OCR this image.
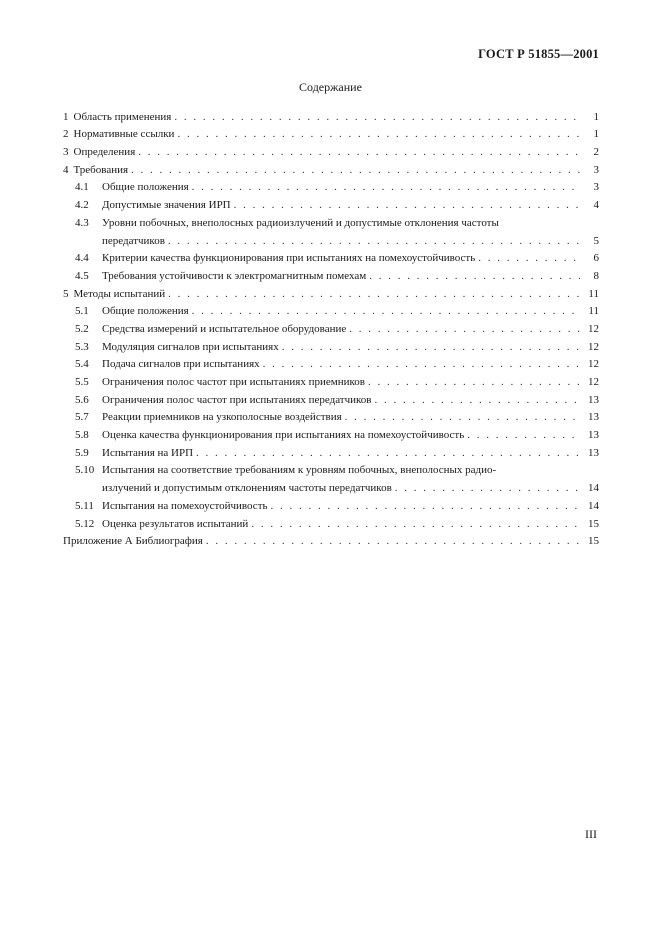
ГОСТ Р 51855—2001
Содержание
1 Область применения . . .	1
2 Нормативные ссылки . . .	1
3 Определения . . .	2
4 Требования . . .	3
4.1	Общие положения . . .	3
4.2	Допустимые значения ИРП . . .	4
4.3	Уровни побочных, внеполосных радиоизлучений и допустимые отклонения частоты
передатчиков . . .	5
4.4	Критерии качества функционирования при испытаниях на помехоустойчивость . . .	6
4.5	Требования устойчивости к электромагнитным помехам . . .	8
5 Методы испытаний . . .	11
5.1	Общие положения . . .	11
5.2	Средства измерений и испытательное оборудование . . .	12
5.3	Модуляция сигналов при испытаниях . . .	12
5.4	Подача сигналов при испытаниях . . .	12
5.5	Ограничения полос частот при испытаниях приемников . . .	12
5.6	Ограничения полос частот при испытаниях передатчиков . . .	13
5.7	Реакции приемников на узкополосные воздействия . . .	13
5.8	Оценка качества функционирования при испытаниях на помехоустойчивость . . .	13
5.9	Испытания на ИРП . . .	13
5.10 Испытания на соответствие требованиям к уровням побочных, внеполосных радио-
излучений и допустимым отклонениям частоты передатчиков . . .	14
5.11 Испытания на помехоустойчивость . . .	14
5.12 Оценка результатов испытаний . . .	15
Приложение А Библиография . . .	15
III
